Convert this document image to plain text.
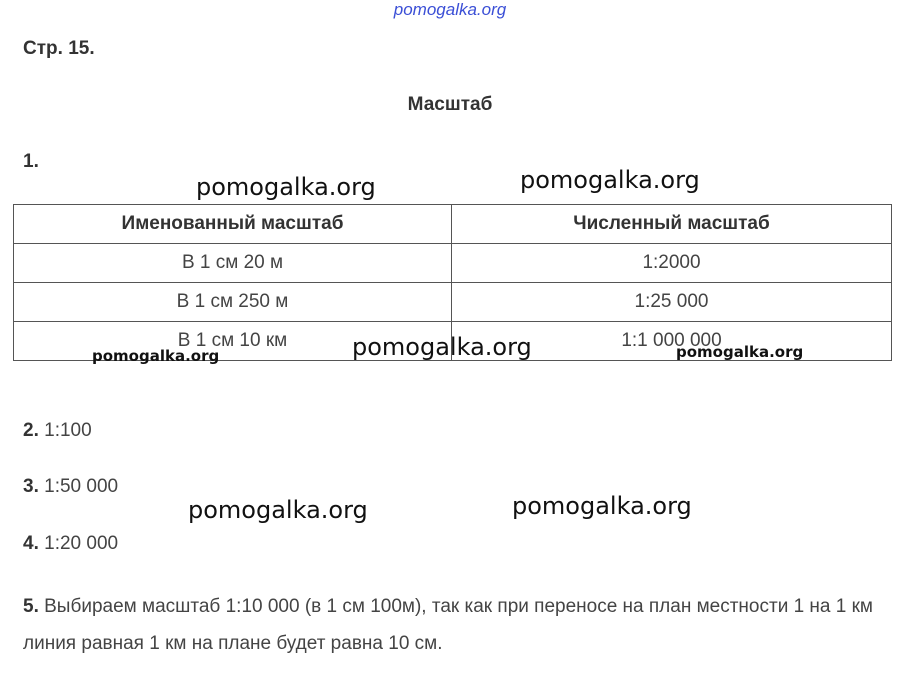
pomogalka.org
Стр. 15.
Масштаб
1.
Именованный масштаб	Численный масштаб
В 1 см 20 м	1:2000
В 1 см 250 м	1:25 000
В 1 см 10 км	1:1 000 000
2. 1:100
3. 1:50 000
4. 1:20 000
5. Выбираем масштаб 1:10 000 (в 1 см 100м), так как при переносе на план местности 1 на 1 км линия равная 1 км на плане будет равна 10 см.
pomogalka.org	pomogalka.org
pomogalka.org	pomogalka.org	pomogalka.org
pomogalka.org	pomogalka.org
